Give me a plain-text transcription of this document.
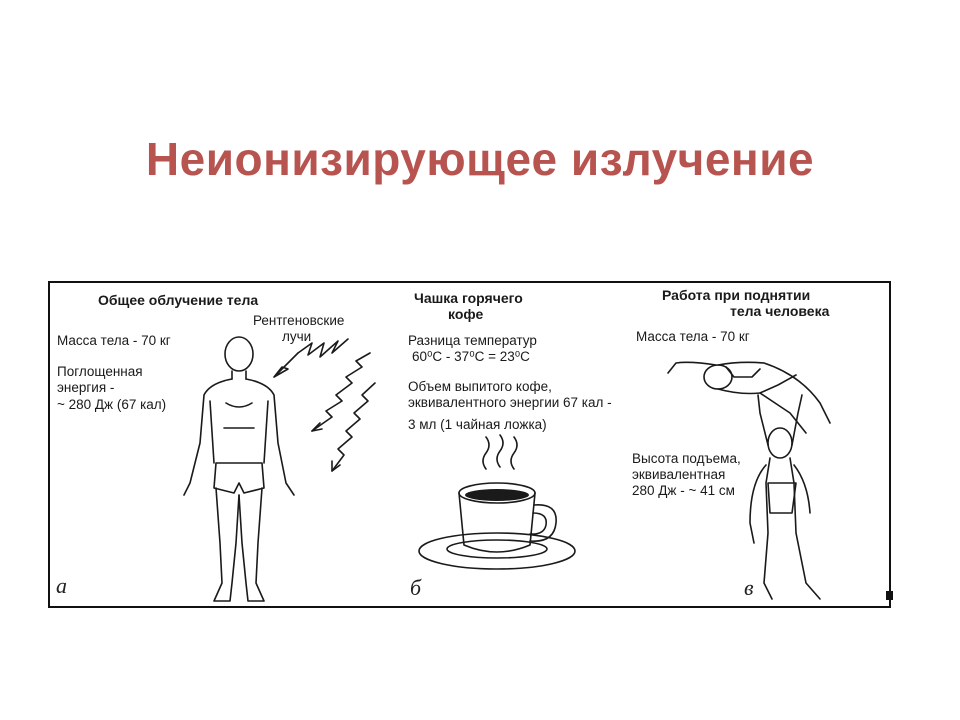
Неионизирующее излучение
Общее облучение тела
Масса тела - 70 кг
Поглощенная
энергия -
~ 280 Дж (67 кал)
Рентгеновские
лучи
а
Чашка горячего
кофе
Разница температур
60⁰С - 37⁰С = 23⁰С
Объем выпитого кофе,
эквивалентного энергии 67 кал -
3 мл (1 чайная ложка)
б
Работа при поднятии
тела человека
Масса тела - 70 кг
Высота подъема,
эквивалентная
280 Дж - ~ 41 см
в
